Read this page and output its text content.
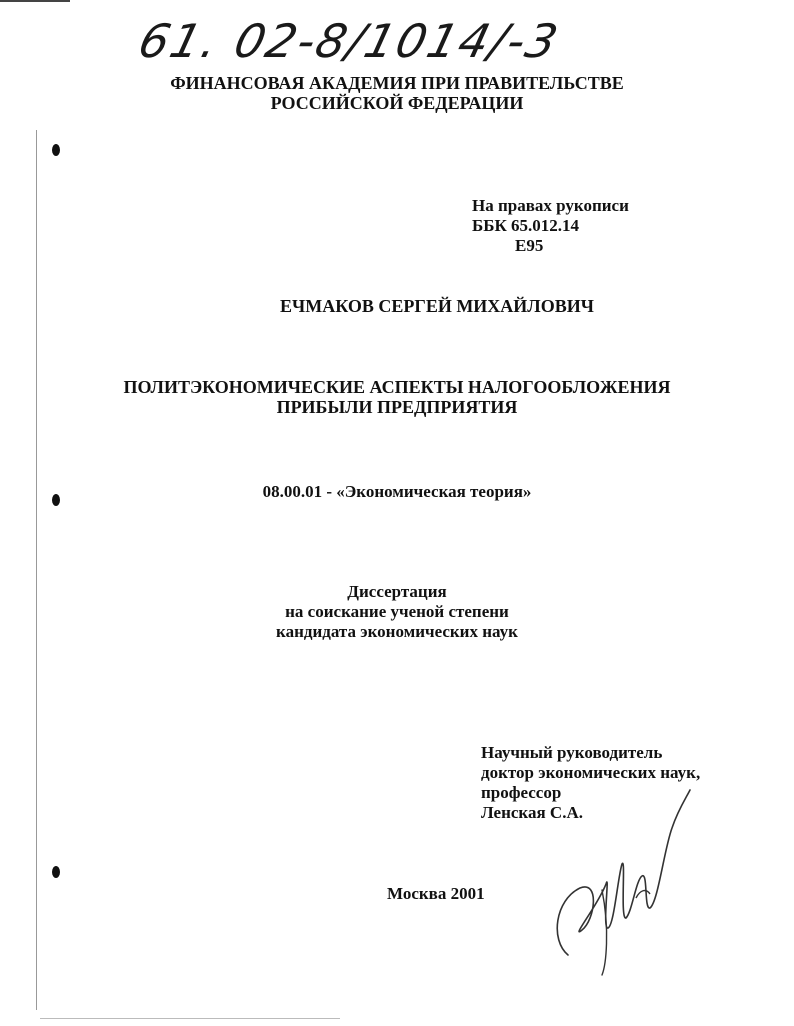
61. 02-8/1014/-3
ФИНАНСОВАЯ АКАДЕМИЯ ПРИ ПРАВИТЕЛЬСТВЕ
РОССИЙСКОЙ ФЕДЕРАЦИИ
На правах рукописи
ББК 65.012.14
Е95
ЕЧМАКОВ СЕРГЕЙ МИХАЙЛОВИЧ
ПОЛИТЭКОНОМИЧЕСКИЕ АСПЕКТЫ НАЛОГООБЛОЖЕНИЯ
ПРИБЫЛИ ПРЕДПРИЯТИЯ
08.00.01 - «Экономическая теория»
Диссертация
на соискание ученой степени
кандидата экономических наук
Научный руководитель
доктор экономических наук,
профессор
Ленская С.А.
Москва 2001
